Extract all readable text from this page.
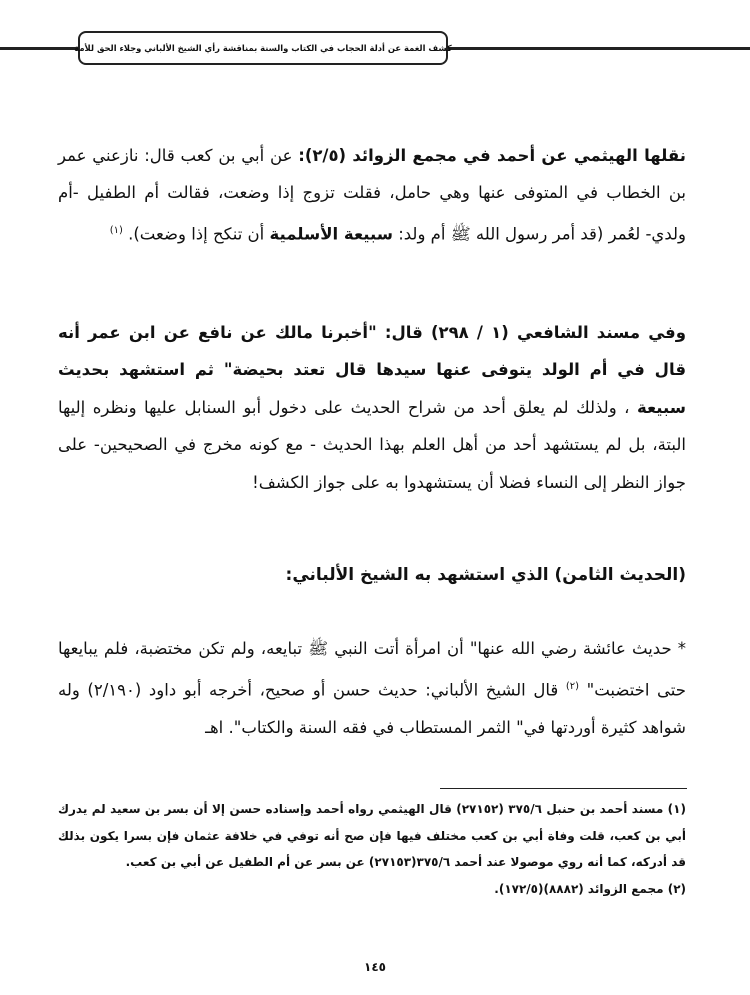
كشف الغمة عن أدلة الحجاب في الكتاب والسنة بمناقشة رأي الشيخ الألباني وجلاء الحق للأمة

نقلها الهيثمي عن أحمد في مجمع الزوائد (٢/٥): عن أبي بن كعب قال: نازعني عمر بن الخطاب في المتوفى عنها وهي حامل، فقلت تزوج إذا وضعت، فقالت أم الطفيل -أم ولدي- لعُمر (قد أمر رسول الله ﷺ أم ولد: سبيعة الأسلمية أن تنكح إذا وضعت). $^{(١)}$

وفي مسند الشافعي (١ / ٢٩٨) قال: "أخبرنا مالك عن نافع عن ابن عمر أنه قال في أم الولد يتوفى عنها سيدها قال تعتد بحيضة" ثم استشهد بحديث سبيعة ، ولذلك لم يعلق أحد من شراح الحديث على دخول أبو السنابل عليها ونظره إليها البتة، بل لم يستشهد أحد من أهل العلم بهذا الحديث - مع كونه مخرج في الصحيحين- على جواز النظر إلى النساء فضلا أن يستشهدوا به على جواز الكشف!

(الحديث الثامن) الذي استشهد به الشيخ الألباني:

* حديث عائشة رضي الله عنها" أن امرأة أتت النبي ﷺ تبايعه، ولم تكن مختضبة، فلم يبايعها حتى اختضبت" $^{(٢)}$ قال الشيخ الألباني: حديث حسن أو صحيح، أخرجه أبو داود (٢/١٩٠) وله شواهد كثيرة أوردتها في" الثمر المستطاب في فقه السنة والكتاب". اهـ

(١) مسند أحمد بن حنبل ٣٧٥/٦ (٢٧١٥٢) قال الهيثمي رواه أحمد وإسناده حسن إلا أن بسر بن سعيد لم يدرك أبي بن كعب، قلت وفاة أبي بن كعب مختلف فيها فإن صح أنه توفي في خلافة عثمان فإن بسرا يكون بذلك قد أدركه، كما أنه روي موصولا عند أحمد ٣٧٥/٦(٢٧١٥٣) عن بسر عن أم الطفيل عن أبي بن كعب.

(٢) مجمع الزوائد (٨٨٨٢)(١٧٢/٥).

١٤٥
